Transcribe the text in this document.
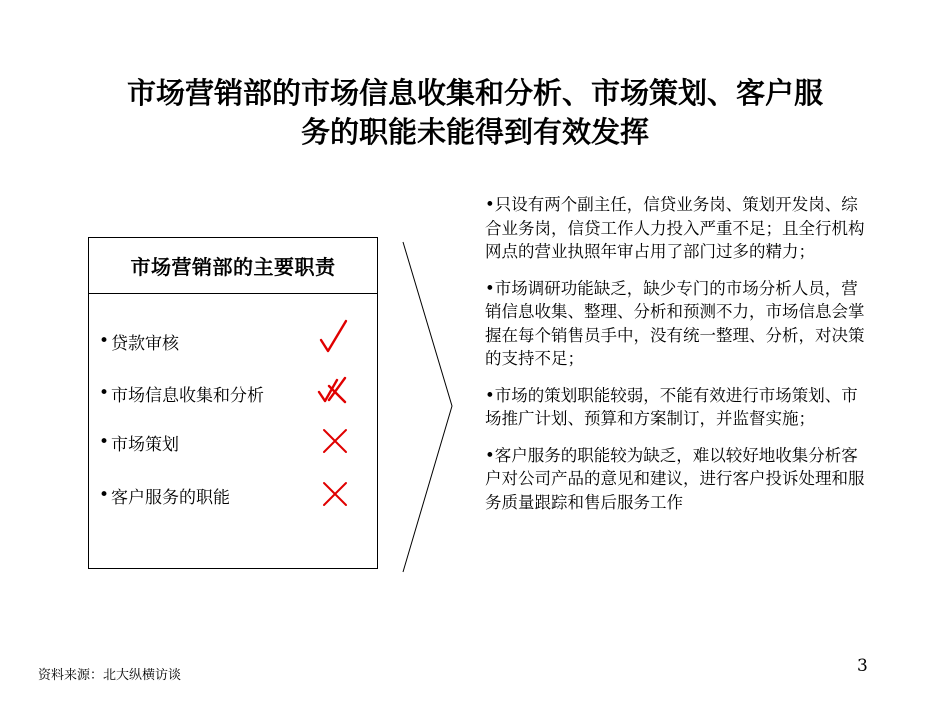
市场营销部的市场信息收集和分析、市场策划、客户服
务的职能未能得到有效发挥
市场营销部的主要职责
• 贷款审核
• 市场信息收集和分析
• 市场策划
• 客户服务的职能
•只设有两个副主任，信贷业务岗、策划开发岗、综合业务岗，信贷工作人力投入严重不足；且全行机构网点的营业执照年审占用了部门过多的精力；
•市场调研功能缺乏，缺少专门的市场分析人员，营销信息收集、整理、分析和预测不力，市场信息会掌握在每个销售员手中，没有统一整理、分析，对决策的支持不足；
•市场的策划职能较弱，不能有效进行市场策划、市场推广计划、预算和方案制订，并监督实施；
•客户服务的职能较为缺乏，难以较好地收集分析客户对公司产品的意见和建议，进行客户投诉处理和服务质量跟踪和售后服务工作
资料来源：北大纵横访谈	3
